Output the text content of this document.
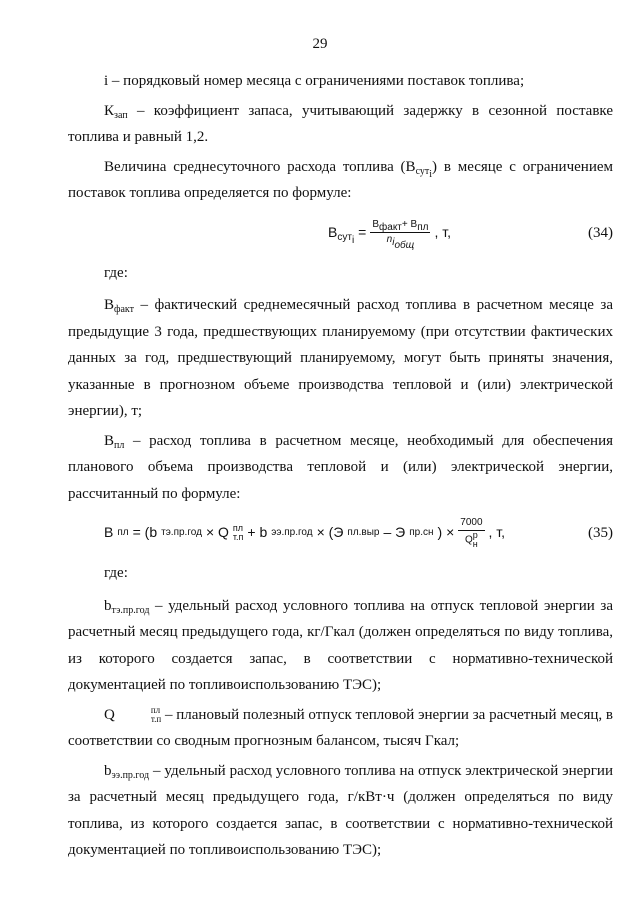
29

i – порядковый номер месяца с ограничениями поставок топлива;

$К_{зап}$ – коэффициент запаса, учитывающий задержку в сезонной поставке топлива и равный 1,2.

Величина среднесуточного расхода топлива $(В_{сут_i})$ в месяце с ограничением поставок топлива определяется по формуле:

$В_{сут_i}$
= $\frac{В_{факт}+ В_{пл}}{n_{i_{общ}}}$ , т,	(34)

где:

$В_{факт}$ – фактический среднемесячный расход топлива в расчетном месяце за предыдущие 3 года, предшествующих планируемому (при отсутствии фактических данных за год, предшествующий планируемому, могут быть приняты значения, указанные в прогнозном объеме производства тепловой и (или) электрической энергии), т;

$В_{пл}$ – расход топлива в расчетном месяце, необходимый для обеспечения планового объема производства тепловой и (или) электрической энергии, рассчитанный по формуле:

В пл = (b тэ.пр.год × Q пл
т.п + b ээ.пр.год × (Э пл.выр – Э пр.сн ) × 7000
Q р
н , т,	(35)

где:

$b_{тэ.пр.год}$ – удельный расход условного топлива на отпуск тепловой энергии за расчетный месяц предыдущего года, кг/Гкал (должен определяться по виду топлива, из которого создается запас, в соответствии с нормативно-технической документацией по топливоиспользованию ТЭС);

Q	пл
т.п – плановый полезный отпуск тепловой энергии за расчетный месяц, в соответствии со сводным прогнозным балансом, тысяч Гкал;

$b_{ээ.пр.год}$ – удельный расход условного топлива на отпуск электрической энергии за расчетный месяц предыдущего года, г/кВт·ч (должен определяться по виду топлива, из которого создается запас, в соответствии с нормативно-технической документацией по топливоиспользованию ТЭС);
